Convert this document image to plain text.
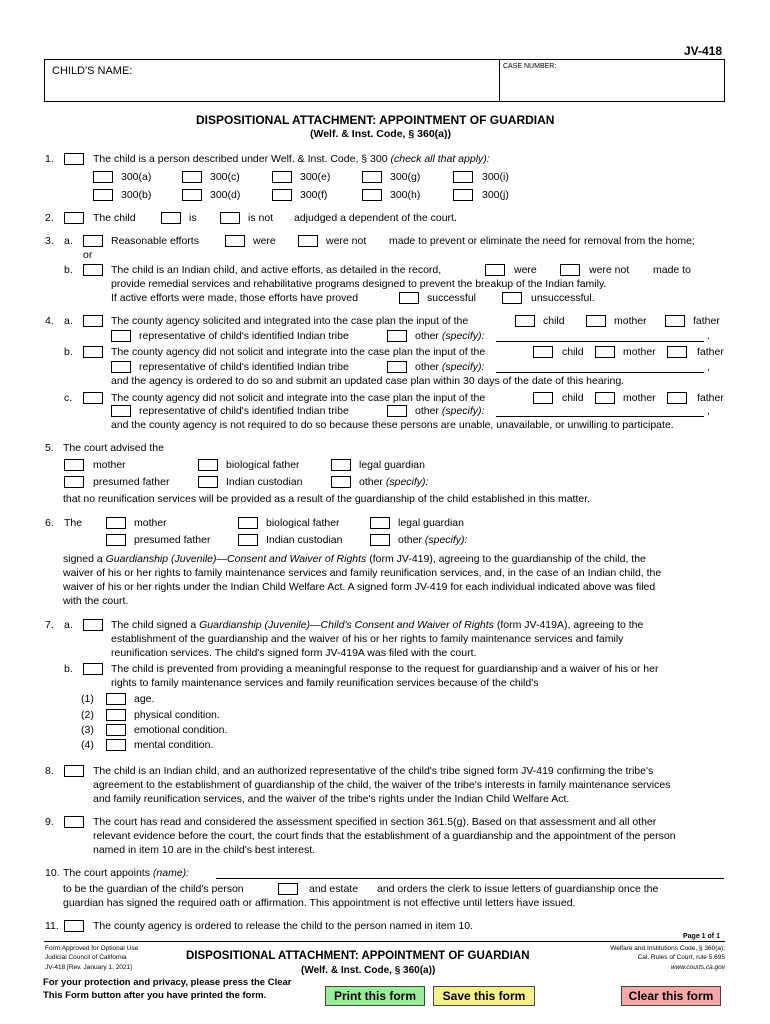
JV-418
CHILD'S NAME:	CASE NUMBER:
DISPOSITIONAL ATTACHMENT: APPOINTMENT OF GUARDIAN
(Welf. & Inst. Code, § 360(a))
1.	The child is a person described under Welf. & Inst. Code, § 300 (check all that apply):
300(a)	300(c)	300(e)	300(g)	300(i)
300(b)	300(d)	300(f)	300(h)	300(j)
2.	The child	is	is not adjudged a dependent of the court.
3. a.	Reasonable efforts	were	were not made to prevent or eliminate the need for removal from the home;
or
b.	The child is an Indian child, and active efforts, as detailed in the record,	were	were not made to
provide remedial services and rehabilitative programs designed to prevent the breakup of the Indian family.
If active efforts were made, those efforts have proved	successful	unsuccessful.
4. a.	The county agency solicited and integrated into the case plan the input of the	child	mother	father
representative of child's identified Indian tribe	other (specify):	.
b.	The county agency did not solicit and integrate into the case plan the input of the	child	mother	father
representative of child's identified Indian tribe	other (specify):	,
and the agency is ordered to do so and submit an updated case plan within 30 days of the date of this hearing.
c.	The county agency did not solicit and integrate into the case plan the input of the	child	mother	father
representative of child's identified Indian tribe	other (specify):	,
and the county agency is not required to do so because these persons are unable, unavailable, or unwilling to participate.
5. The court advised the
mother	biological father	legal guardian
presumed father	Indian custodian	other (specify):
that no reunification services will be provided as a result of the guardianship of the child established in this matter.
6. The	mother	biological father	legal guardian
presumed father	Indian custodian	other (specify):
signed a Guardianship (Juvenile)—Consent and Waiver of Rights (form JV-419), agreeing to the guardianship of the child, the
waiver of his or her rights to family maintenance services and family reunification services, and, in the case of an Indian child, the
waiver of his or her rights under the Indian Child Welfare Act. A signed form JV-419 for each individual indicated above was filed
with the court.
7. a.	The child signed a Guardianship (Juvenile)—Child's Consent and Waiver of Rights (form JV-419A), agreeing to the
establishment of the guardianship and the waiver of his or her rights to family maintenance services and family
reunification services. The child's signed form JV-419A was filed with the court.
b.	The child is prevented from providing a meaningful response to the request for guardianship and a waiver of his or her
rights to family maintenance services and family reunification services because of the child's
(1)	age.
(2)	physical condition.
(3)	emotional condition.
(4)	mental condition.
8.	The child is an Indian child, and an authorized representative of the child's tribe signed form JV-419 confirming the tribe's
agreement to the establishment of guardianship of the child, the waiver of the tribe's interests in family maintenance services
and family reunification services, and the waiver of the tribe's rights under the Indian Child Welfare Act.
9.	The court has read and considered the assessment specified in section 361.5(g). Based on that assessment and all other
relevant evidence before the court, the court finds that the establishment of a guardianship and the appointment of the person
named in item 10 are in the child's best interest.
10. The court appoints (name):
to be the guardian of the child's person	and estate and orders the clerk to issue letters of guardianship once the
guardian has signed the required oath or affirmation. This appointment is not effective until letters have issued.
11.	The county agency is ordered to release the child to the person named in item 10.
Page 1 of 1
Form Approved for Optional Use
Judicial Council of California
JV-418 [Rev. January 1, 2021]
DISPOSITIONAL ATTACHMENT: APPOINTMENT OF GUARDIAN
(Welf. & Inst. Code, § 360(a))
Welfare and Institutions Code, § 360(a);
Cal. Rules of Court, rule 5.695
www.courts.ca.gov
For your protection and privacy, please press the Clear
This Form button after you have printed the form.	Print this form	Save this form	Clear this form
